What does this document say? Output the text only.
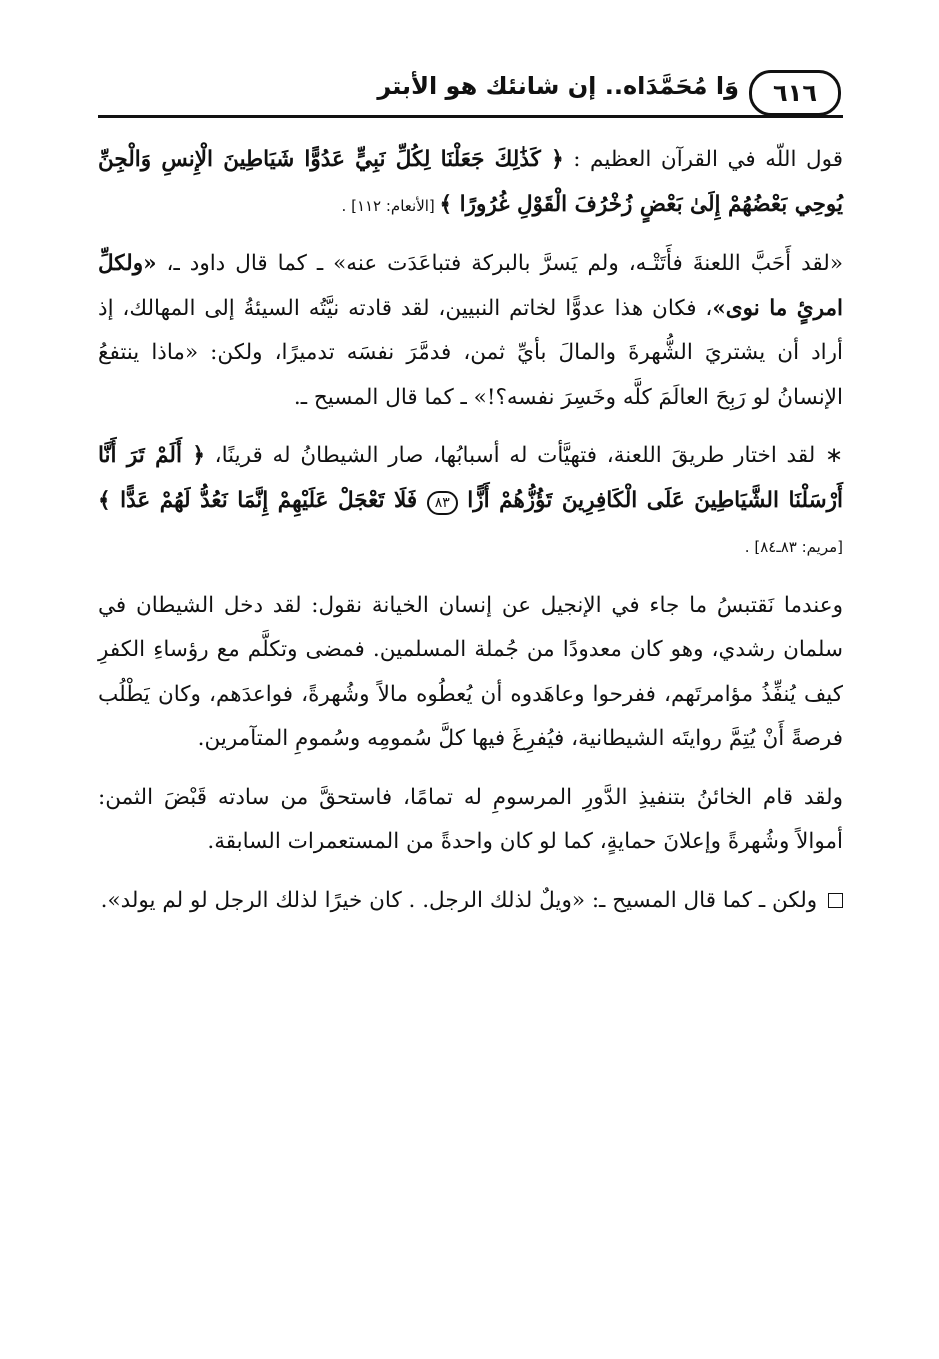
٦١٦
وَا مُحَمَّدَاه.. إن شانئك هو الأبتر

قول اللّه في القرآن العظيم : ﴿ كَذَٰلِكَ جَعَلْنَا لِكُلِّ نَبِيٍّ عَدُوًّا شَيَاطِينَ الْإِنسِ وَالْجِنِّ يُوحِي بَعْضُهُمْ إِلَىٰ بَعْضٍ زُخْرُفَ الْقَوْلِ غُرُورًا ﴾ [الأنعام: ١١٢] .

«لقد أَحَبَّ اللعنةَ فأَتَتْـه، ولم يَسرَّ بالبركة فتباعَدَت عنه» ـ كما قال داود ـ، «ولكلِّ امرئٍ ما نوى»، فكان هذا عدوًّا لخاتم النبيين، لقد قادته نيَّتُه السيئةُ إلى المهالك، إذ أراد أن يشتريَ الشُّهرةَ والمالَ بأيِّ ثمن، فدمَّرَ نفسَه تدميرًا، ولكن: «ماذا ينتفعُ الإنسانُ لو رَبِحَ العالَمَ كلَّه وخَسِرَ نفسه؟!» ـ كما قال المسيح ـ.

∗ لقد اختار طريقَ اللعنة، فتهيَّأت له أسبابُها، صار الشيطانُ له قرينًا، ﴿ أَلَمْ تَرَ أَنَّا أَرْسَلْنَا الشَّيَاطِينَ عَلَى الْكَافِرِينَ تَؤُزُّهُمْ أَزًّا ٨٣ فَلَا تَعْجَلْ عَلَيْهِمْ إِنَّمَا نَعُدُّ لَهُمْ عَدًّا ﴾ [مريم: ٨٣ـ٨٤] .

وعندما نَقتبسُ ما جاء في الإنجيل عن إنسان الخيانة نقول: لقد دخل الشيطان في سلمان رشدي، وهو كان معدودًا من جُملة المسلمين. فمضى وتكلَّم مع رؤساءِ الكفرِ كيف يُنفِّذُ مؤامرتَهم، ففرحوا وعاهَدوه أن يُعطُوه مالاً وشُهرةً، فواعدَهم، وكان يَطْلُب فرصةً أَنْ يُتِمَّ روايتَه الشيطانية، فيُفرِغَ فيها كلَّ سُمومِه وسُمومِ المتآمرين.

ولقد قام الخائنُ بتنفيذِ الدَّورِ المرسومِ له تمامًا، فاستحقَّ من سادته قَبْضَ الثمن: أموالاً وشُهرةً وإعلانَ حمايةٍ، كما لو كان واحدةً من المستعمرات السابقة.

ولكن ـ كما قال المسيح ـ: «ويلٌ لذلك الرجل. . كان خيرًا لذلك الرجل لو لم يولد».
